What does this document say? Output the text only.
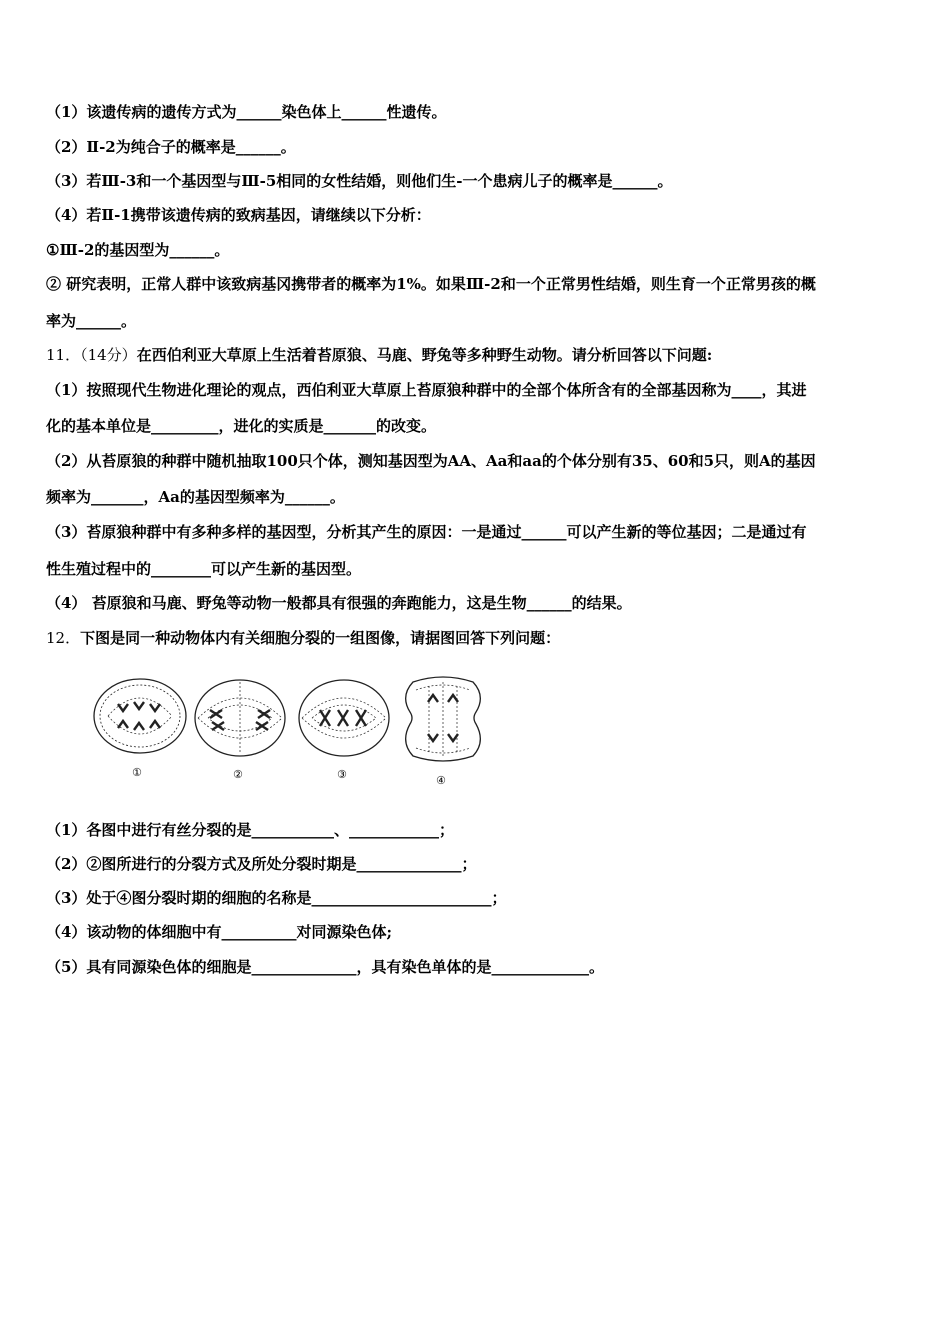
（1）该遗传病的遗传方式为______染色体上______性遗传。
（2）Ⅱ-2为纯合子的概率是______。
（3）若Ⅲ-3和一个基因型与Ⅲ-5相同的女性结婚，则他们生-一个患病儿子的概率是______。
（4）若Ⅱ-1携带该遗传病的致病基因，请继续以下分析：
①Ⅲ-2的基因型为______。
② 研究表明，正常人群中该致病基冈携带者的概率为1%。如果Ⅲ-2和一个正常男性结婚，则生育一个正常男孩的概
率为______。
11．（14分）在西伯利亚大草原上生活着苔原狼、马鹿、野兔等多种野生动物。请分析回答以下问题:
（1）按照现代生物进化理论的观点，西伯利亚大草原上苔原狼种群中的全部个体所含有的全部基因称为____，其进
化的基本单位是_________，进化的实质是_______的改变。
（2）从苔原狼的种群中随机抽取100只个体，测知基因型为AA、Aa和aa的个体分别有35、60和5只，则A的基因
频率为_______，Aa的基因型频率为______。
（3）苔原狼种群中有多种多样的基因型，分析其产生的原因：一是通过______可以产生新的等位基因；二是通过有
性生殖过程中的________可以产生新的基因型。
（4） 苔原狼和马鹿、野兔等动物一般都具有很强的奔跑能力，这是生物______的结果。
12．下图是同一种动物体内有关细胞分裂的一组图像，请据图回答下列问题：
①	②	③	④
（1）各图中进行有丝分裂的是___________、____________；
（2）②图所进行的分裂方式及所处分裂时期是______________；
（3）处于④图分裂时期的细胞的名称是________________________；
（4）该动物的体细胞中有__________对同源染色体;
（5）具有同源染色体的细胞是______________，具有染色单体的是_____________。
